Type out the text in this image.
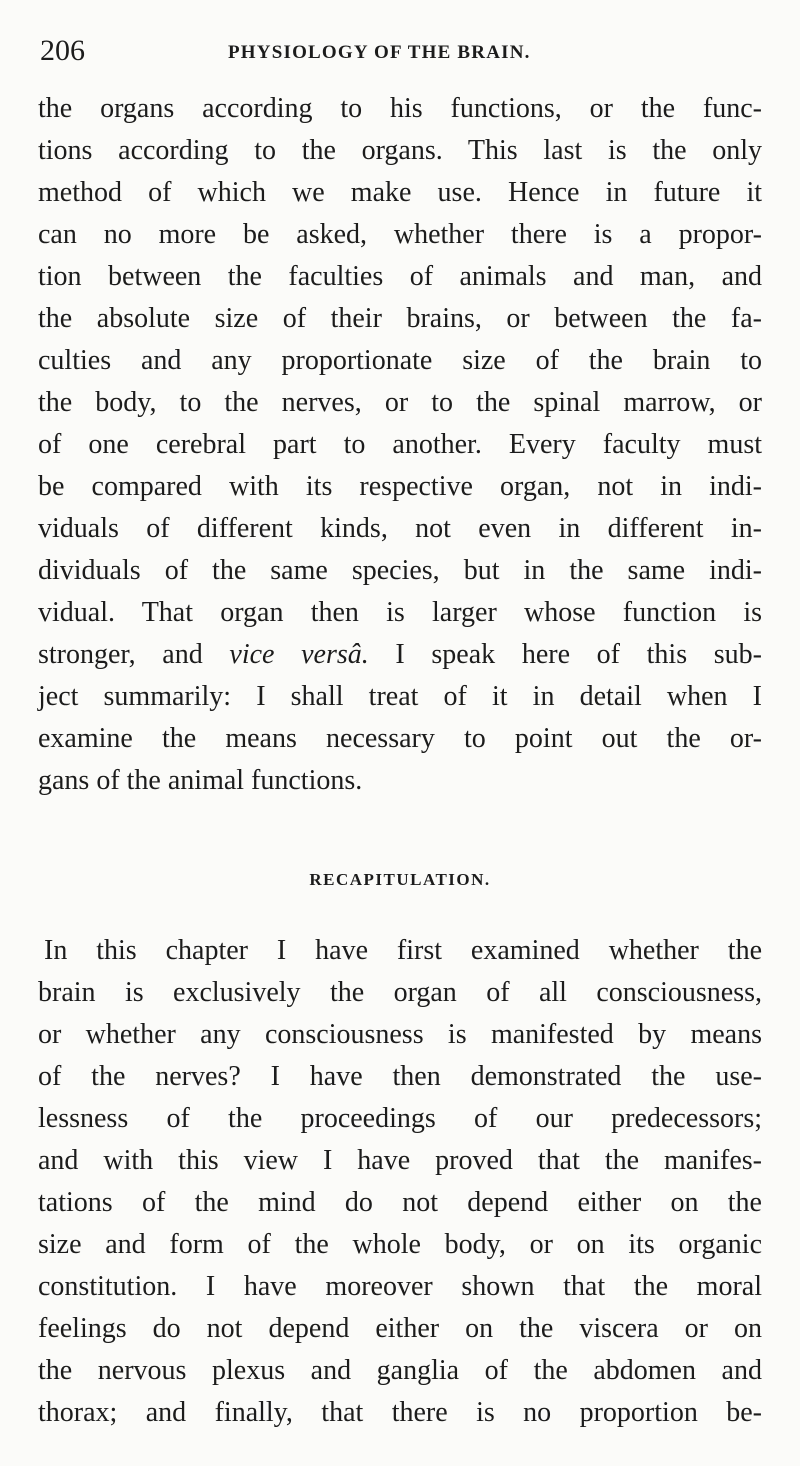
206	PHYSIOLOGY OF THE BRAIN.
the organs according to his functions, or the func-
tions according to the organs. This last is the only
method of which we make use. Hence in future it
can no more be asked, whether there is a propor-
tion between the faculties of animals and man, and
the absolute size of their brains, or between the fa-
culties and any proportionate size of the brain to
the body, to the nerves, or to the spinal marrow, or
of one cerebral part to another. Every faculty must
be compared with its respective organ, not in indi-
viduals of different kinds, not even in different in-
dividuals of the same species, but in the same indi-
vidual. That organ then is larger whose function is
stronger, and vice versâ. I speak here of this sub-
ject summarily: I shall treat of it in detail when I
examine the means necessary to point out the or-
gans of the animal functions.
RECAPITULATION.
In this chapter I have first examined whether the
brain is exclusively the organ of all consciousness,
or whether any consciousness is manifested by means
of the nerves? I have then demonstrated the use-
lessness of the proceedings of our predecessors;
and with this view I have proved that the manifes-
tations of the mind do not depend either on the
size and form of the whole body, or on its organic
constitution. I have moreover shown that the moral
feelings do not depend either on the viscera or on
the nervous plexus and ganglia of the abdomen and
thorax; and finally, that there is no proportion be-
